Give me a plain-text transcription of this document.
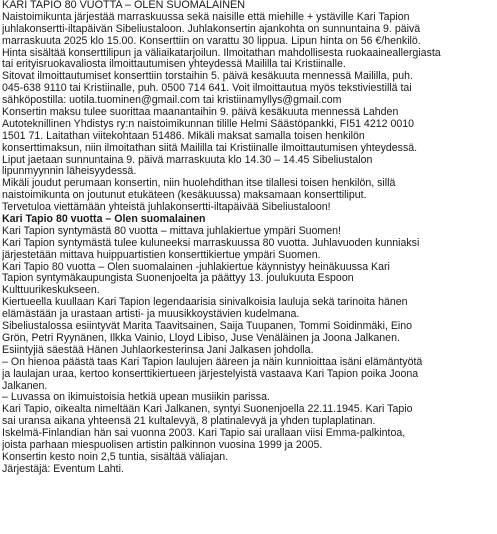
KARI TAPIO 80 VUOTTA – OLEN SUOMALAINEN
Naistoimikunta järjestää marraskuussa sekä naisille että miehille + ystäville Kari Tapion
juhlakonsertti-iltapäivän Sibeliustaloon. Juhlakonsertin ajankohta on sunnuntaina 9. päivä
marraskuuta 2025 klo 15.00. Konserttiin on varattu 30 lippua. Lipun hinta on 56 €/henkilö.
Hinta sisältää konserttilipun ja väliaikatarjoilun. Ilmoitathan mahdollisesta ruokaaineallergiasta
tai erityisruokavaliosta ilmoittautumisen yhteydessä Maililla tai Kristiinalle.
Sitovat ilmoittautumiset konserttiin torstaihin 5. päivä kesäkuuta mennessä Maililla, puh.
045-638 9110 tai Kristiinalle, puh. 0500 714 641. Voit ilmoittautua myös tekstiviestillä tai
sähköpostilla: uotila.tuominen@gmail.com tai kristiinamyllys@gmail.com
Konsertin maksu tulee suorittaa maanantaihin 9. päivä kesäkuuta mennessä Lahden
Autoteknillinen Yhdistys ry:n naistoimikunnan tilille Helmi Säästöpankki, FI51 4212 0010
1501 71. Laitathan viitekohtaan 51486. Mikäli maksat samalla toisen henkilön
konserttimaksun, niin ilmoitathan siitä Maililla tai Kristiinalle ilmoittautumisen yhteydessä.
Liput jaetaan sunnuntaina 9. päivä marraskuuta klo 14.30 – 14.45 Sibeliustalon
lipunmyynnin läheisyydessä.
Mikäli joudut perumaan konsertin, niin huolehdithan itse tilallesi toisen henkilön, sillä
naistoimikunta on joutunut etukäteen (kesäkuussa) maksamaan konserttiliput.
Tervetuloa viettämään yhteistä juhlakonsertti-iltapäivää Sibeliustaloon!
Kari Tapio 80 vuotta – Olen suomalainen
Kari Tapion syntymästä 80 vuotta – mittava juhlakiertue ympäri Suomen!
Kari Tapion syntymästä tulee kuluneeksi marraskuussa 80 vuotta. Juhlavuoden kunniaksi
järjestetään mittava huippuartistien konserttikiertue ympäri Suomen.
Kari Tapio 80 vuotta – Olen suomalainen -juhlakiertue käynnistyy heinäkuussa Kari
Tapion syntymäkaupungista Suonenjoelta ja päättyy 13. joulukuuta Espoon
Kulttuurikeskukseen.
Kiertueella kuullaan Kari Tapion legendaarisia sinivalkoisia lauluja sekä tarinoita hänen
elämästään ja urastaan artisti- ja muusikkoystävien kudelmana.
Sibeliustalossa esiintyvät Marita Taavitsainen, Saija Tuupanen, Tommi Soidinmäki, Eino
Grön, Petri Ryynänen, Ilkka Vainio, Lloyd Libiso, Juse Venäläinen ja Joona Jalkanen.
Esiintyjiä säestää Hänen Juhlaorkesterinsa Jani Jalkasen johdolla.
– On hienoa päästä taas Kari Tapion laulujen ääreen ja näin kunnioittaa isäni elämäntyötä
ja laulajan uraa, kertoo konserttikiertueen järjestelyistä vastaava Kari Tapion poika Joona
Jalkanen.
– Luvassa on ikimuistoisia hetkiä upean musiikin parissa.
Kari Tapio, oikealta nimeltään Kari Jalkanen, syntyi Suonenjoella 22.11.1945. Kari Tapio
sai uransa aikana yhteensä 21 kultalevyä, 8 platinalevyä ja yhden tuplaplatinan.
Iskelmä-Finlandian hän sai vuonna 2003. Kari Tapio sai urallaan viisi Emma-palkintoa,
joista parhaan miespuolisen artistin palkinnon vuosina 1999 ja 2005.
Konsertin kesto noin 2,5 tuntia, sisältää väliajan.
Järjestäjä: Eventum Lahti.
